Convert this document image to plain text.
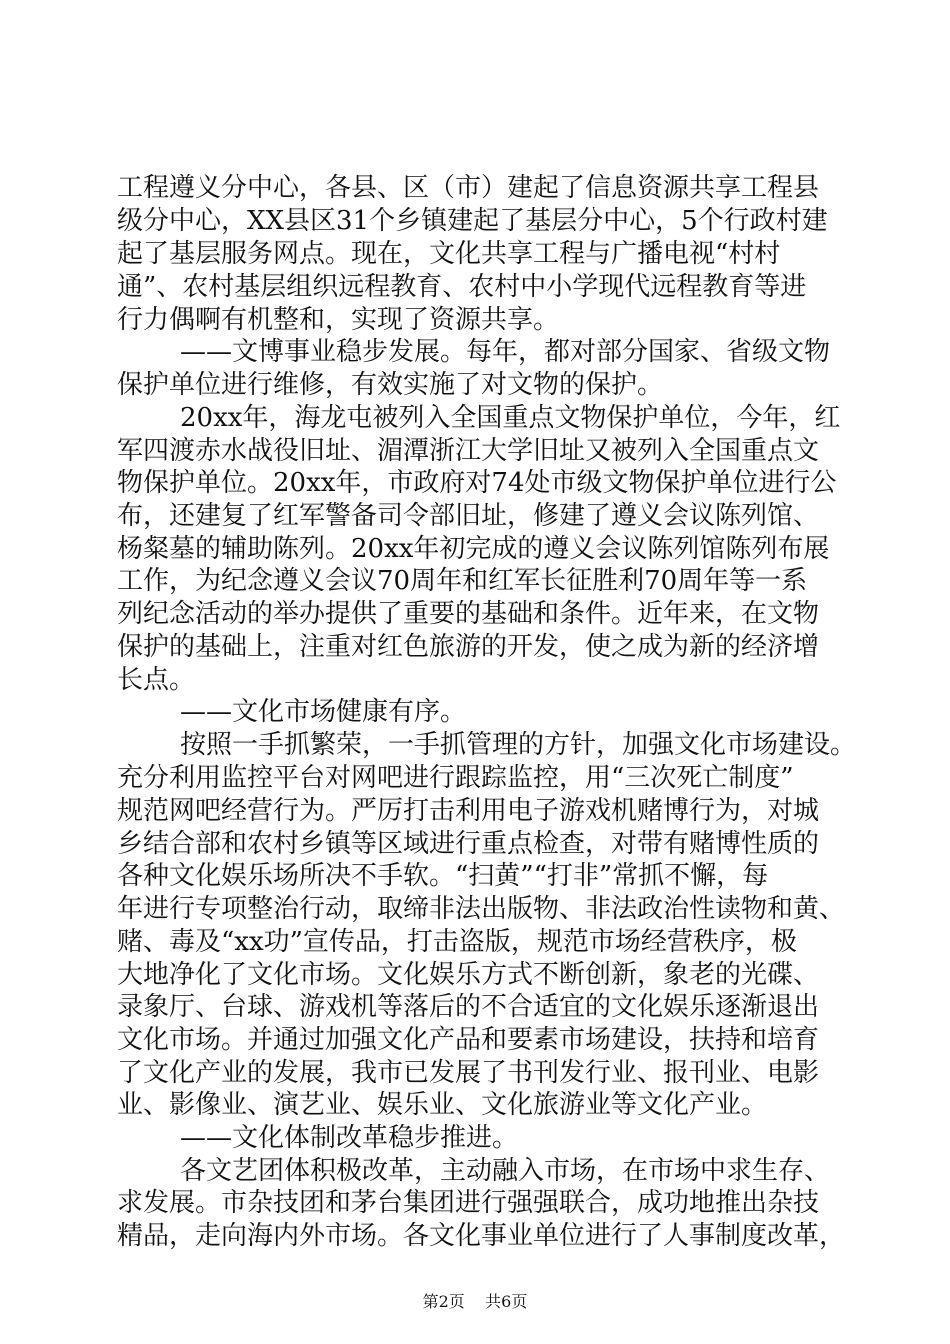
工程遵义分中心，各县、区（市）建起了信息资源共享工程县

级分中心，XX县区31个乡镇建起了基层分中心，5个行政村建

起了基层服务网点。现在，文化共享工程与广播电视“村村

通”、农村基层组织远程教育、农村中小学现代远程教育等进

行力偶啊有机整和，实现了资源共享。

——文博事业稳步发展。每年，都对部分国家、省级文物

保护单位进行维修，有效实施了对文物的保护。

20xx年，海龙屯被列入全国重点文物保护单位，今年，红

军四渡赤水战役旧址、湄潭浙江大学旧址又被列入全国重点文

物保护单位。20xx年，市政府对74处市级文物保护单位进行公

布，还建复了红军警备司令部旧址，修建了遵义会议陈列馆、

杨粲墓的辅助陈列。20xx年初完成的遵义会议陈列馆陈列布展

工作，为纪念遵义会议70周年和红军长征胜利70周年等一系

列纪念活动的举办提供了重要的基础和条件。近年来，在文物

保护的基础上，注重对红色旅游的开发，使之成为新的经济增

长点。

——文化市场健康有序。

按照一手抓繁荣，一手抓管理的方针，加强文化市场建设。

充分利用监控平台对网吧进行跟踪监控，用“三次死亡制度”

规范网吧经营行为。严厉打击利用电子游戏机赌博行为，对城

乡结合部和农村乡镇等区域进行重点检查，对带有赌博性质的

各种文化娱乐场所决不手软。“扫黄”“打非”常抓不懈，每

年进行专项整治行动，取缔非法出版物、非法政治性读物和黄、

赌、毒及“xx功”宣传品，打击盗版，规范市场经营秩序，极

大地净化了文化市场。文化娱乐方式不断创新，象老的光碟、

录象厅、台球、游戏机等落后的不合适宜的文化娱乐逐渐退出

文化市场。并通过加强文化产品和要素市场建设，扶持和培育

了文化产业的发展，我市已发展了书刊发行业、报刊业、电影

业、影像业、演艺业、娱乐业、文化旅游业等文化产业。

——文化体制改革稳步推进。

各文艺团体积极改革，主动融入市场，在市场中求生存、

求发展。市杂技团和茅台集团进行强强联合，成功地推出杂技

精品，走向海内外市场。各文化事业单位进行了人事制度改革，

第2页 共6页
